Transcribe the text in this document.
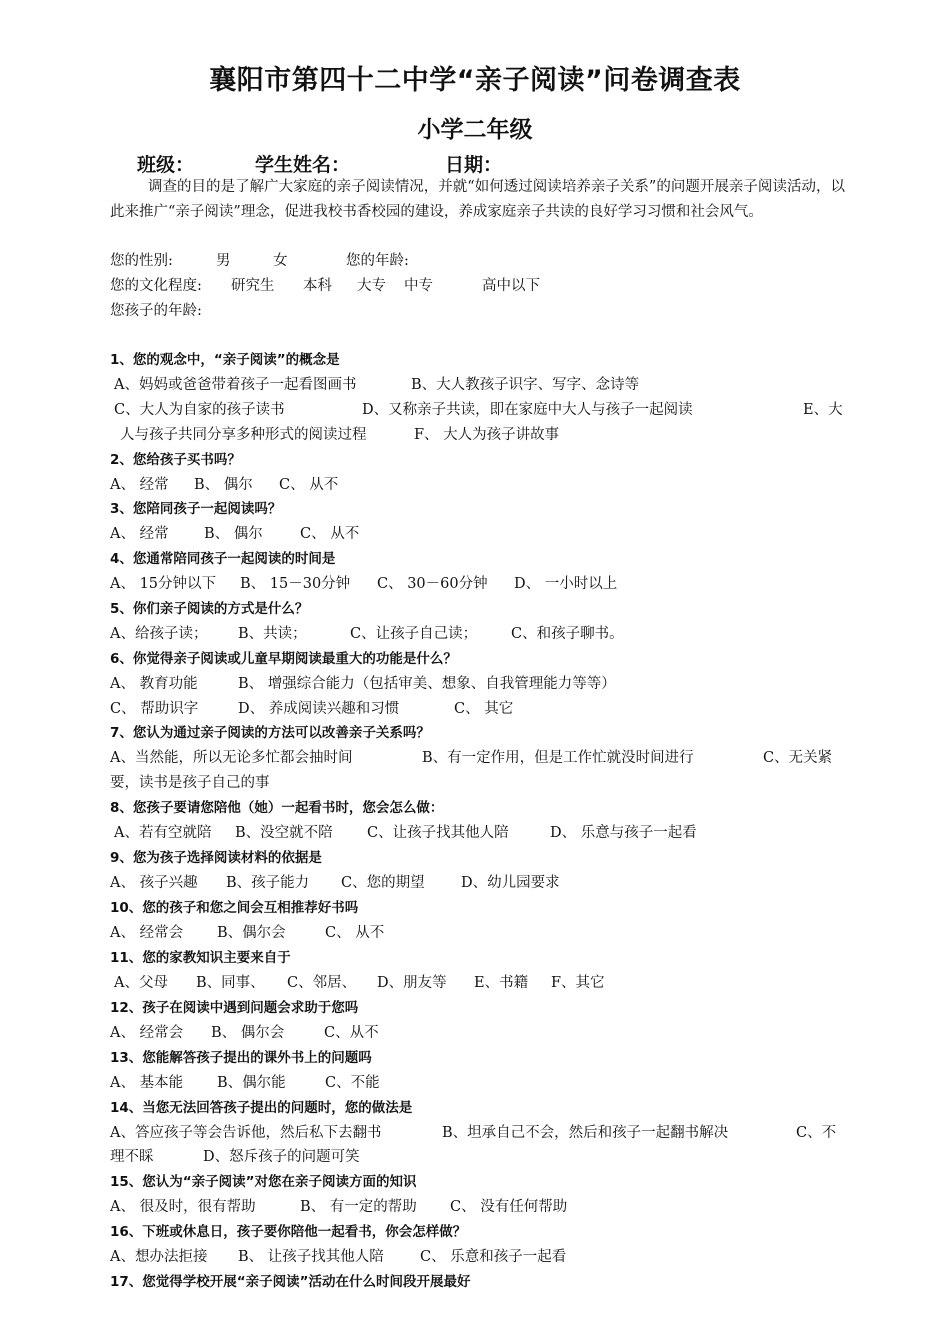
襄阳市第四十二中学“亲子阅读”问卷调查表
小学二年级
班级：	学生姓名：	日期：
调查的目的是了解广大家庭的亲子阅读情况，并就“如何透过阅读培养亲子关系”的问题开展亲子阅读活动，以此来推广“亲子阅读”理念，促进我校书香校园的建设，养成家庭亲子共读的良好学习习惯和社会风气。
您的性别:	男	女	您的年龄:
您的文化程度: 研究生 本科 大专 中专	高中以下
您孩子的年龄:
1、您的观念中，“亲子阅读”的概念是
A、妈妈或爸爸带着孩子一起看图画书	B、大人教孩子识字、写字、念诗等
C、大人为自家的孩子读书	D、又称亲子共读，即在家庭中大人与孩子一起阅读	E、大
人与孩子共同分享多种形式的阅读过程	F、 大人为孩子讲故事
2、您给孩子买书吗？
A、 经常 B、 偶尔 C、 从不
3、您陪同孩子一起阅读吗？
A、 经常 B、 偶尔	C、 从不
4、您通常陪同孩子一起阅读的时间是
A、 15分钟以下 B、 15－30分钟 C、 30－60分钟 D、 一小时以上
5、你们亲子阅读的方式是什么？
A、给孩子读； B、共读；	C、让孩子自己读； C、和孩子聊书。
6、你觉得亲子阅读或儿童早期阅读最重大的功能是什么？
A、 教育功能	B、 增强综合能力（包括审美、想象、自我管理能力等等）
C、 帮助识字	D、 养成阅读兴趣和习惯	C、 其它
7、您认为通过亲子阅读的方法可以改善亲子关系吗？
A、当然能，所以无论多忙都会抽时间	B、有一定作用，但是工作忙就没时间进行	C、无关紧
要，读书是孩子自己的事
8、您孩子要请您陪他（她）一起看书时，您会怎么做：
A、若有空就陪 B、没空就不陪 C、让孩子找其他人陪	D、 乐意与孩子一起看
9、您为孩子选择阅读材料的依据是
A、 孩子兴趣 B、孩子能力 C、您的期望	D、幼儿园要求
10、您的孩子和您之间会互相推荐好书吗
A、 经常会 B、偶尔会	C、 从不
11、您的家教知识主要来自于
A、父母 B、同事、 C、邻居、 D、朋友等 E、书籍 F、其它
12、孩子在阅读中遇到问题会求助于您吗
A、 经常会 B、 偶尔会	C、从不
13、您能解答孩子提出的课外书上的问题吗
A、 基本能 B、偶尔能	C、不能
14、当您无法回答孩子提出的问题时，您的做法是
A、答应孩子等会告诉他，然后私下去翻书	B、坦承自己不会，然后和孩子一起翻书解决	C、不
理不睬	D、怒斥孩子的问题可笑
15、您认为“亲子阅读”对您在亲子阅读方面的知识
A、 很及时，很有帮助	B、 有一定的帮助 C、 没有任何帮助
16、下班或休息日，孩子要你陪他一起看书，你会怎样做？
A、想办法拒接 B、 让孩子找其他人陪 C、 乐意和孩子一起看
17、您觉得学校开展“亲子阅读”活动在什么时间段开展最好
